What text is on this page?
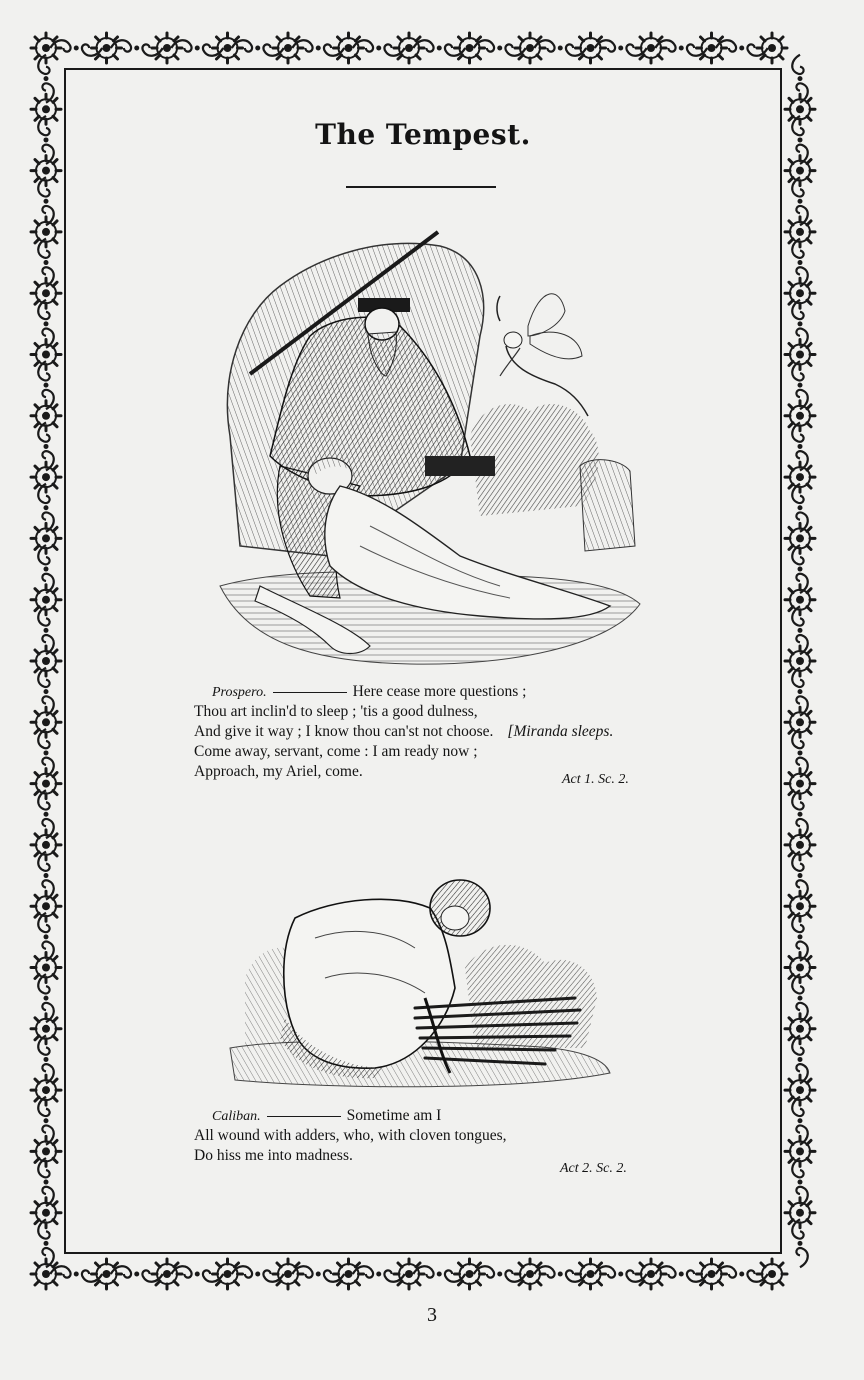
The Tempest.
Prospero.	Here cease more questions ;
Thou art inclin'd to sleep ; 'tis a good dulness,
And give it way ; I know thou can'st not choose. [Miranda sleeps.
Come away, servant, come : I am ready now ;
Approach, my Ariel, come.	Act 1. Sc. 2.
Caliban.	Sometime am I
All wound with adders, who, with cloven tongues,
Do hiss me into madness.
Act 2. Sc. 2.
3
